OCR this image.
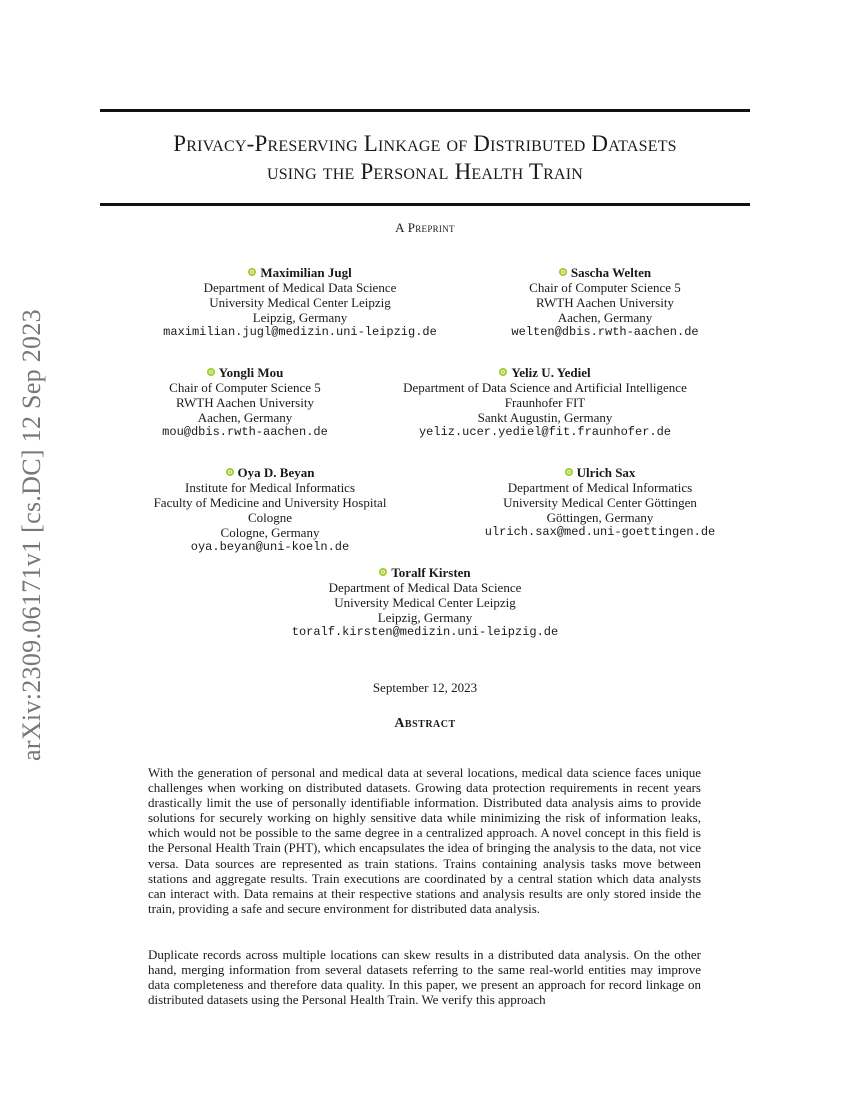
arXiv:2309.06171v1 [cs.DC] 12 Sep 2023
Privacy-Preserving Linkage of Distributed Datasets
using the Personal Health Train
A Preprint
Maximilian Jugl
Department of Medical Data Science
University Medical Center Leipzig
Leipzig, Germany
maximilian.jugl@medizin.uni-leipzig.de
Sascha Welten
Chair of Computer Science 5
RWTH Aachen University
Aachen, Germany
welten@dbis.rwth-aachen.de
Yongli Mou
Chair of Computer Science 5
RWTH Aachen University
Aachen, Germany
mou@dbis.rwth-aachen.de
Yeliz U. Yediel
Department of Data Science and Artificial Intelligence
Fraunhofer FIT
Sankt Augustin, Germany
yeliz.ucer.yediel@fit.fraunhofer.de
Oya D. Beyan
Institute for Medical Informatics
Faculty of Medicine and University Hospital Cologne
Cologne, Germany
oya.beyan@uni-koeln.de
Ulrich Sax
Department of Medical Informatics
University Medical Center Göttingen
Göttingen, Germany
ulrich.sax@med.uni-goettingen.de
Toralf Kirsten
Department of Medical Data Science
University Medical Center Leipzig
Leipzig, Germany
toralf.kirsten@medizin.uni-leipzig.de
September 12, 2023
Abstract
With the generation of personal and medical data at several locations, medical data science faces unique challenges when working on distributed datasets. Growing data protection requirements in recent years drastically limit the use of personally identifiable information. Distributed data analysis aims to provide solutions for securely working on highly sensitive data while minimizing the risk of information leaks, which would not be possible to the same degree in a centralized approach. A novel concept in this field is the Personal Health Train (PHT), which encapsulates the idea of bringing the analysis to the data, not vice versa. Data sources are represented as train stations. Trains containing analysis tasks move between stations and aggregate results. Train executions are coordinated by a central station which data analysts can interact with. Data remains at their respective stations and analysis results are only stored inside the train, providing a safe and secure environment for distributed data analysis.
Duplicate records across multiple locations can skew results in a distributed data analysis. On the other hand, merging information from several datasets referring to the same real-world entities may improve data completeness and therefore data quality. In this paper, we present an approach for record linkage on distributed datasets using the Personal Health Train. We verify this approach
